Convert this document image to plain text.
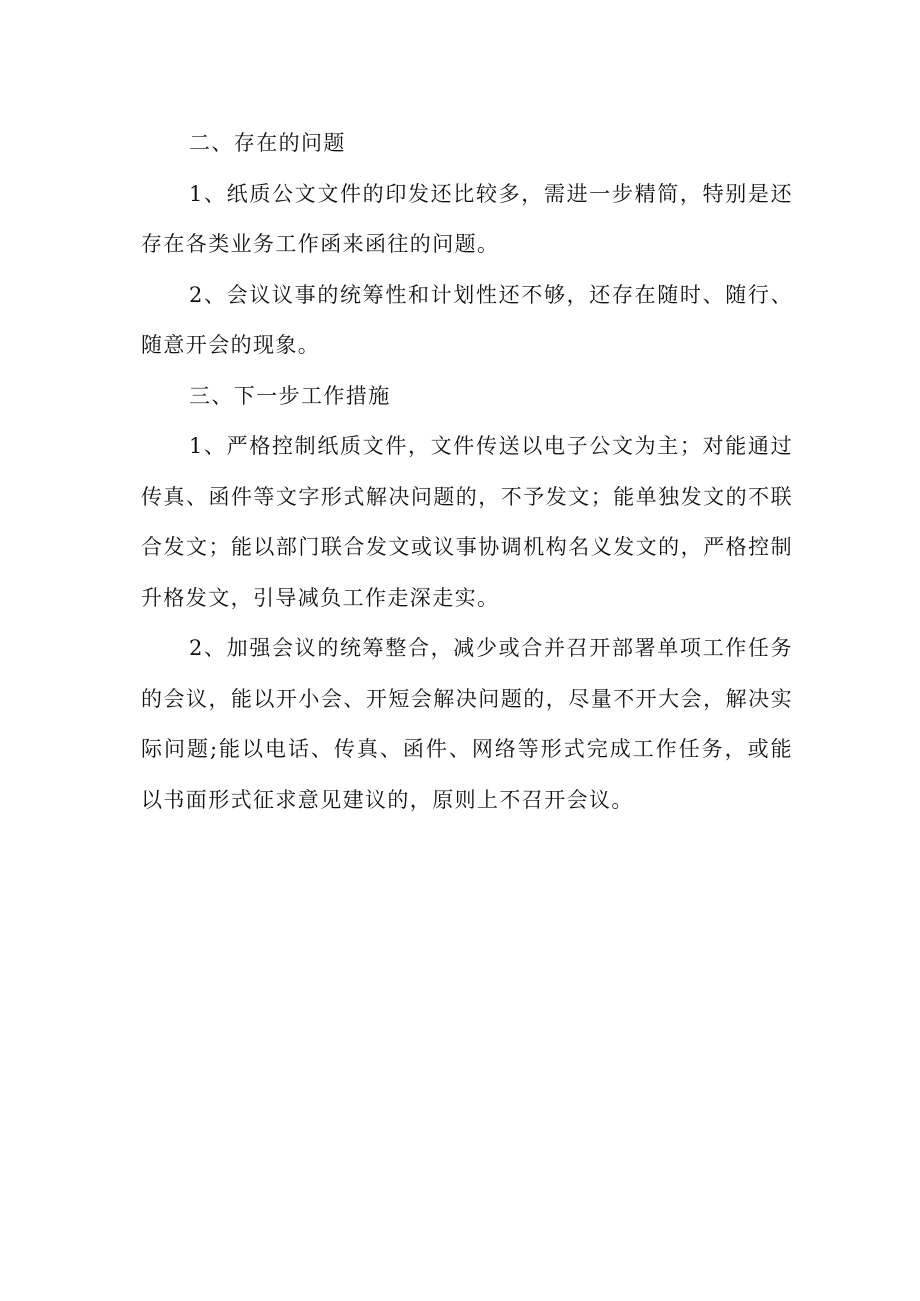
二、存在的问题

1、纸质公文文件的印发还比较多，需进一步精简，特别是还存在各类业务工作函来函往的问题。

2、会议议事的统筹性和计划性还不够，还存在随时、随行、随意开会的现象。

三、下一步工作措施

1、严格控制纸质文件，文件传送以电子公文为主；对能通过传真、函件等文字形式解决问题的，不予发文；能单独发文的不联合发文；能以部门联合发文或议事协调机构名义发文的，严格控制升格发文，引导减负工作走深走实。

2、加强会议的统筹整合，减少或合并召开部署单项工作任务的会议，能以开小会、开短会解决问题的，尽量不开大会，解决实际问题;能以电话、传真、函件、网络等形式完成工作任务，或能以书面形式征求意见建议的，原则上不召开会议。
